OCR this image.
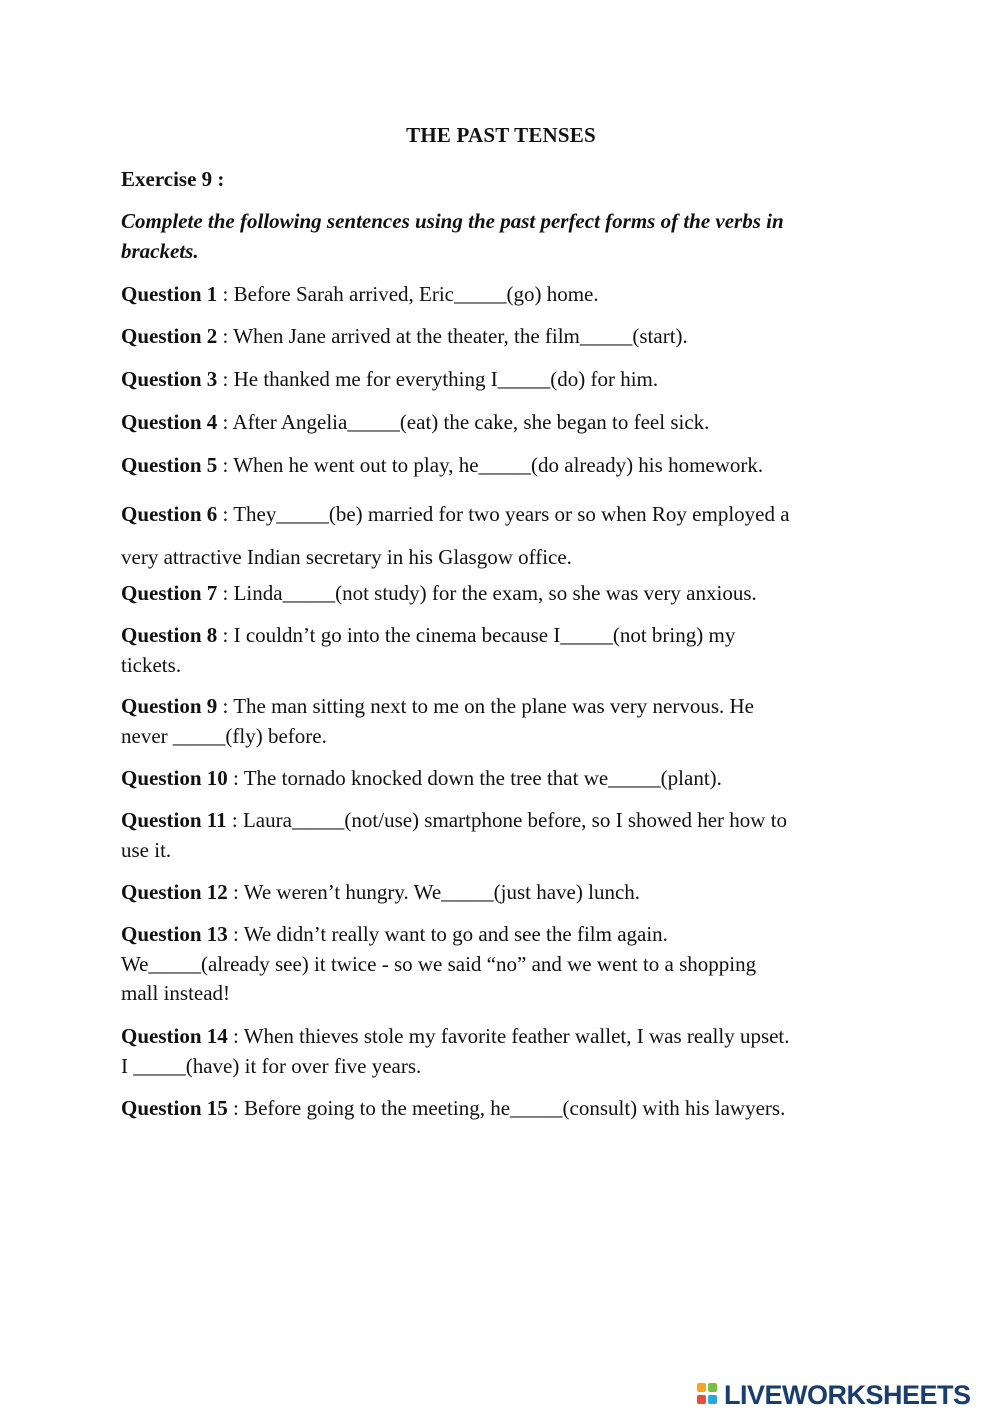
THE PAST TENSES
Exercise 9 :
Complete the following sentences using the past perfect forms of the verbs in
brackets.
Question 1 : Before Sarah arrived, Eric_____(go) home.
Question 2 : When Jane arrived at the theater, the film_____(start).
Question 3 : He thanked me for everything I_____(do) for him.
Question 4 : After Angelia_____(eat) the cake, she began to feel sick.
Question 5 : When he went out to play, he_____(do already) his homework.
Question 6 : They_____(be) married for two years or so when Roy employed a
very attractive Indian secretary in his Glasgow office.
Question 7 : Linda_____(not study) for the exam, so she was very anxious.
Question 8 : I couldn’t go into the cinema because I_____(not bring) my
tickets.
Question 9 : The man sitting next to me on the plane was very nervous. He
never _____(fly) before.
Question 10 : The tornado knocked down the tree that we_____(plant).
Question 11 : Laura_____(not/use) smartphone before, so I showed her how to
use it.
Question 12 : We weren’t hungry. We_____(just have) lunch.
Question 13 : We didn’t really want to go and see the film again.
We_____(already see) it twice - so we said “no” and we went to a shopping
mall instead!
Question 14 : When thieves stole my favorite feather wallet, I was really upset.
I _____(have) it for over five years.
Question 15 : Before going to the meeting, he_____(consult) with his lawyers.
LIVEWORKSHEETS
